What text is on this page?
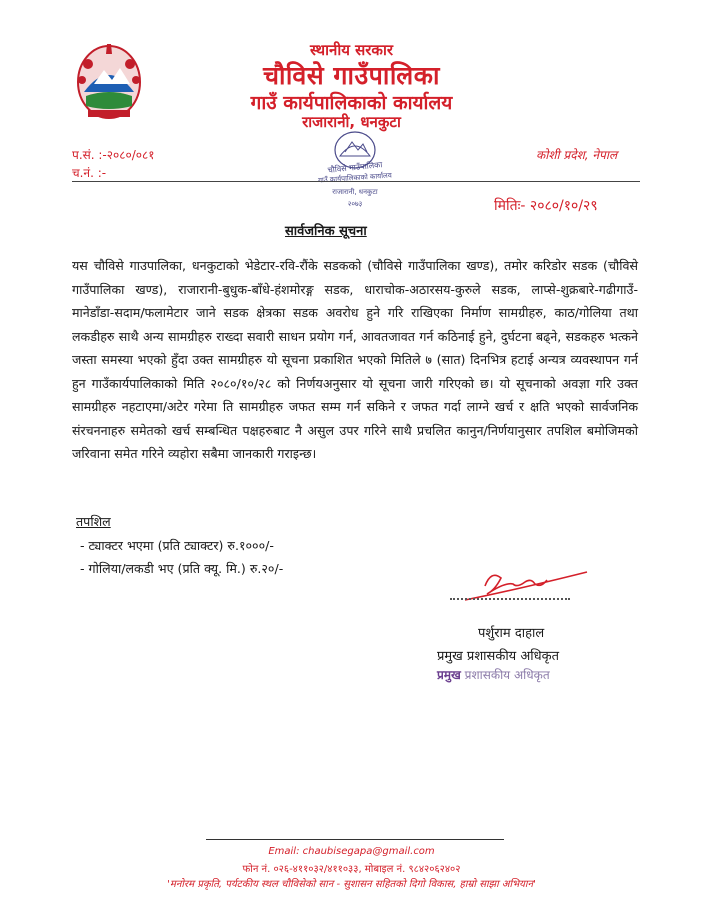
स्थानीय सरकार
चौविसे गाउँपालिका
गाउँ कार्यपालिकाको कार्यालय
राजारानी, धनकुटा
प.सं. :-२०८०/०८१
च.नं. :-
कोशी प्रदेश, नेपाल
चौविसे गाउँपालिका
गाउँ कार्यपालिकाको कार्यालय
राजारानी, धनकुटा
२०७३	मितिः- २०८०/१०/२९
सार्वजनिक सूचना
यस चौविसे गाउपालिका, धनकुटाको भेडेटार-रवि-रौंके सडकको (चौविसे गाउँपालिका खण्ड), तमोर करिडोर सडक (चौविसे गाउँपालिका खण्ड), राजारानी-बुधुक-बाँधे-हंशमोरङ्ग सडक, धाराचोक-अठारसय-कुरुले सडक, लाप्से-शुक्रबारे-गढीगाउँ-मानेडाँडा-सदाम/फलामेटार जाने सडक क्षेत्रका सडक अवरोध हुने गरि राखिएका निर्माण सामग्रीहरु, काठ/गोलिया तथा लकडीहरु साथै अन्य सामग्रीहरु राख्दा सवारी साधन प्रयोग गर्न, आवतजावत गर्न कठिनाई हुने, दुर्घटना बढ्ने, सडकहरु भत्कने जस्ता समस्या भएको हुँदा उक्त सामग्रीहरु यो सूचना प्रकाशित भएको मितिले ७ (सात) दिनभित्र हटाई अन्यत्र व्यवस्थापन गर्न हुन गाउँकार्यपालिकाको मिति २०८०/१०/२८ को निर्णयअनुसार यो सूचना जारी गरिएको छ। यो सूचनाको अवज्ञा गरि उक्त सामग्रीहरु नहटाएमा/अटेर गरेमा ति सामग्रीहरु जफत सम्म गर्न सकिने र जफत गर्दा लाग्ने खर्च र क्षति भएको सार्वजनिक संरचननाहरु समेतको खर्च सम्बन्धित पक्षहरुबाट नै असुल उपर गरिने साथै प्रचलित कानुन/निर्णयानुसार तपशिल बमोजिमको जरिवाना समेत गरिने व्यहोरा सबैमा जानकारी गराइन्छ।
तपशिल
- ट्याक्टर भएमा (प्रति ट्याक्टर) रु.१०००/-
- गोलिया/लकडी भए (प्रति क्यू. मि.) रु.२०/-
पर्शुराम दाहाल
प्रमुख प्रशासकीय अधिकृत
प्रमुख प्रशासकीय अधिकृत
Email: chaubisegapa@gmail.com
फोन नं. ०२६-४११०३२/४११०३३, मोबाइल नं. ९८४२०६२४०२
'मनोरम प्रकृति, पर्यटकीय स्थल चौविसेको सान - सुशासन सहितको दिगो विकास, हाम्रो साझा अभियान'
